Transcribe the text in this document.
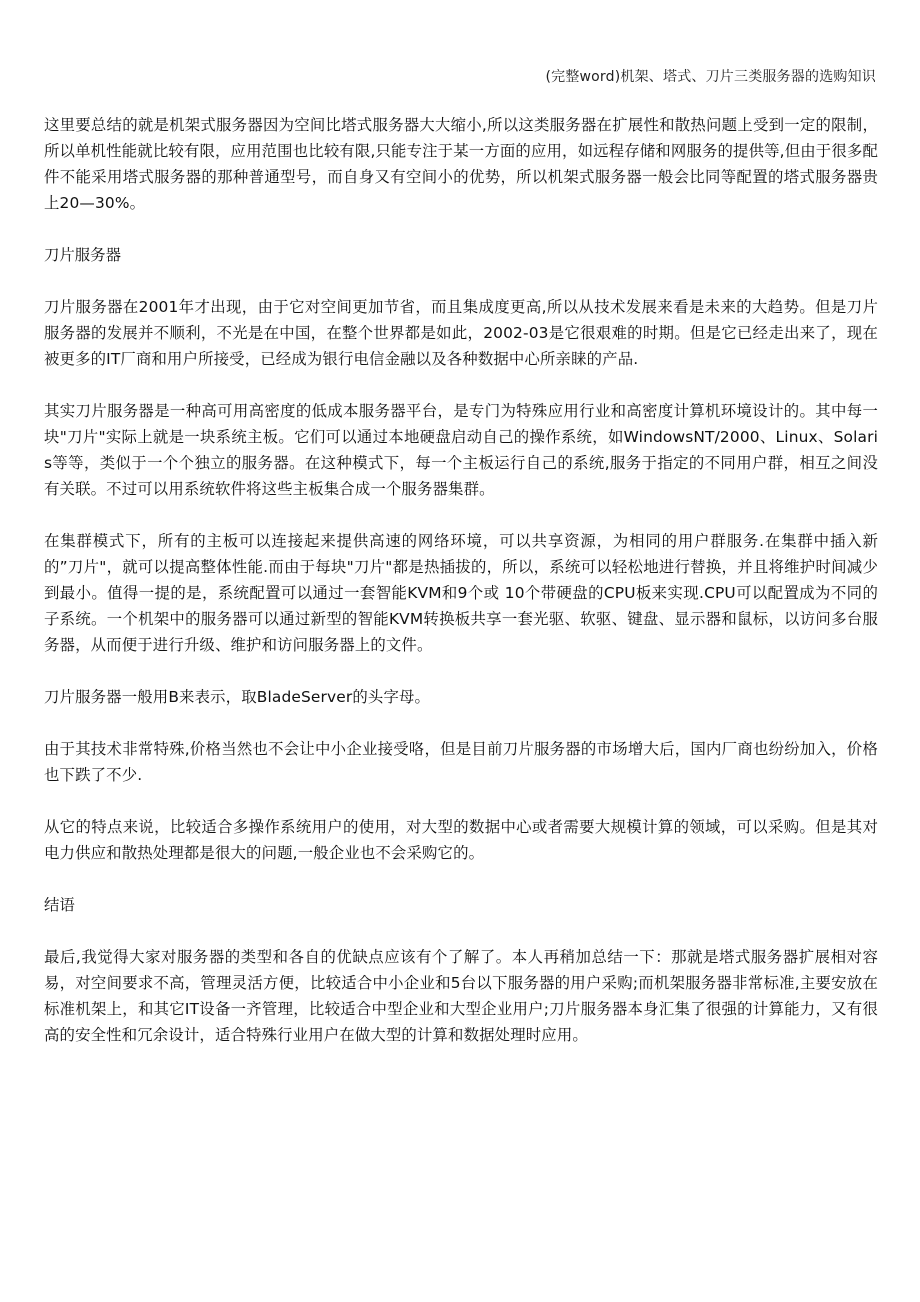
(完整word)机架、塔式、刀片三类服务器的选购知识

这里要总结的就是机架式服务器因为空间比塔式服务器大大缩小,所以这类服务器在扩展性和散热问题上受到一定的限制，所以单机性能就比较有限，应用范围也比较有限,只能专注于某一方面的应用，如远程存储和网服务的提供等,但由于很多配件不能采用塔式服务器的那种普通型号，而自身又有空间小的优势，所以机架式服务器一般会比同等配置的塔式服务器贵上20—30%。

刀片服务器

刀片服务器在2001年才出现，由于它对空间更加节省，而且集成度更高,所以从技术发展来看是未来的大趋势。但是刀片服务器的发展并不顺利，不光是在中国，在整个世界都是如此，2002-03是它很艰难的时期。但是它已经走出来了，现在被更多的IT厂商和用户所接受，已经成为银行电信金融以及各种数据中心所亲睐的产品.

其实刀片服务器是一种高可用高密度的低成本服务器平台，是专门为特殊应用行业和高密度计算机环境设计的。其中每一块"刀片"实际上就是一块系统主板。它们可以通过本地硬盘启动自己的操作系统，如WindowsNT/2000、Linux、Solaris等等，类似于一个个独立的服务器。在这种模式下，每一个主板运行自己的系统,服务于指定的不同用户群，相互之间没有关联。不过可以用系统软件将这些主板集合成一个服务器集群。

在集群模式下，所有的主板可以连接起来提供高速的网络环境，可以共享资源，为相同的用户群服务.在集群中插入新的”刀片"，就可以提高整体性能.而由于每块"刀片"都是热插拔的，所以，系统可以轻松地进行替换，并且将维护时间减少到最小。值得一提的是，系统配置可以通过一套智能KVM和9个或 10个带硬盘的CPU板来实现.CPU可以配置成为不同的子系统。一个机架中的服务器可以通过新型的智能KVM转换板共享一套光驱、软驱、键盘、显示器和鼠标，以访问多台服务器，从而便于进行升级、维护和访问服务器上的文件。

刀片服务器一般用B来表示，取BladeServer的头字母。

由于其技术非常特殊,价格当然也不会让中小企业接受咯，但是目前刀片服务器的市场增大后，国内厂商也纷纷加入，价格也下跌了不少.

从它的特点来说，比较适合多操作系统用户的使用，对大型的数据中心或者需要大规模计算的领域，可以采购。但是其对电力供应和散热处理都是很大的问题,一般企业也不会采购它的。

结语

最后,我觉得大家对服务器的类型和各自的优缺点应该有个了解了。本人再稍加总结一下：那就是塔式服务器扩展相对容易，对空间要求不高，管理灵活方便，比较适合中小企业和5台以下服务器的用户采购;而机架服务器非常标准,主要安放在标准机架上，和其它IT设备一齐管理，比较适合中型企业和大型企业用户;刀片服务器本身汇集了很强的计算能力，又有很高的安全性和冗余设计，适合特殊行业用户在做大型的计算和数据处理时应用。
